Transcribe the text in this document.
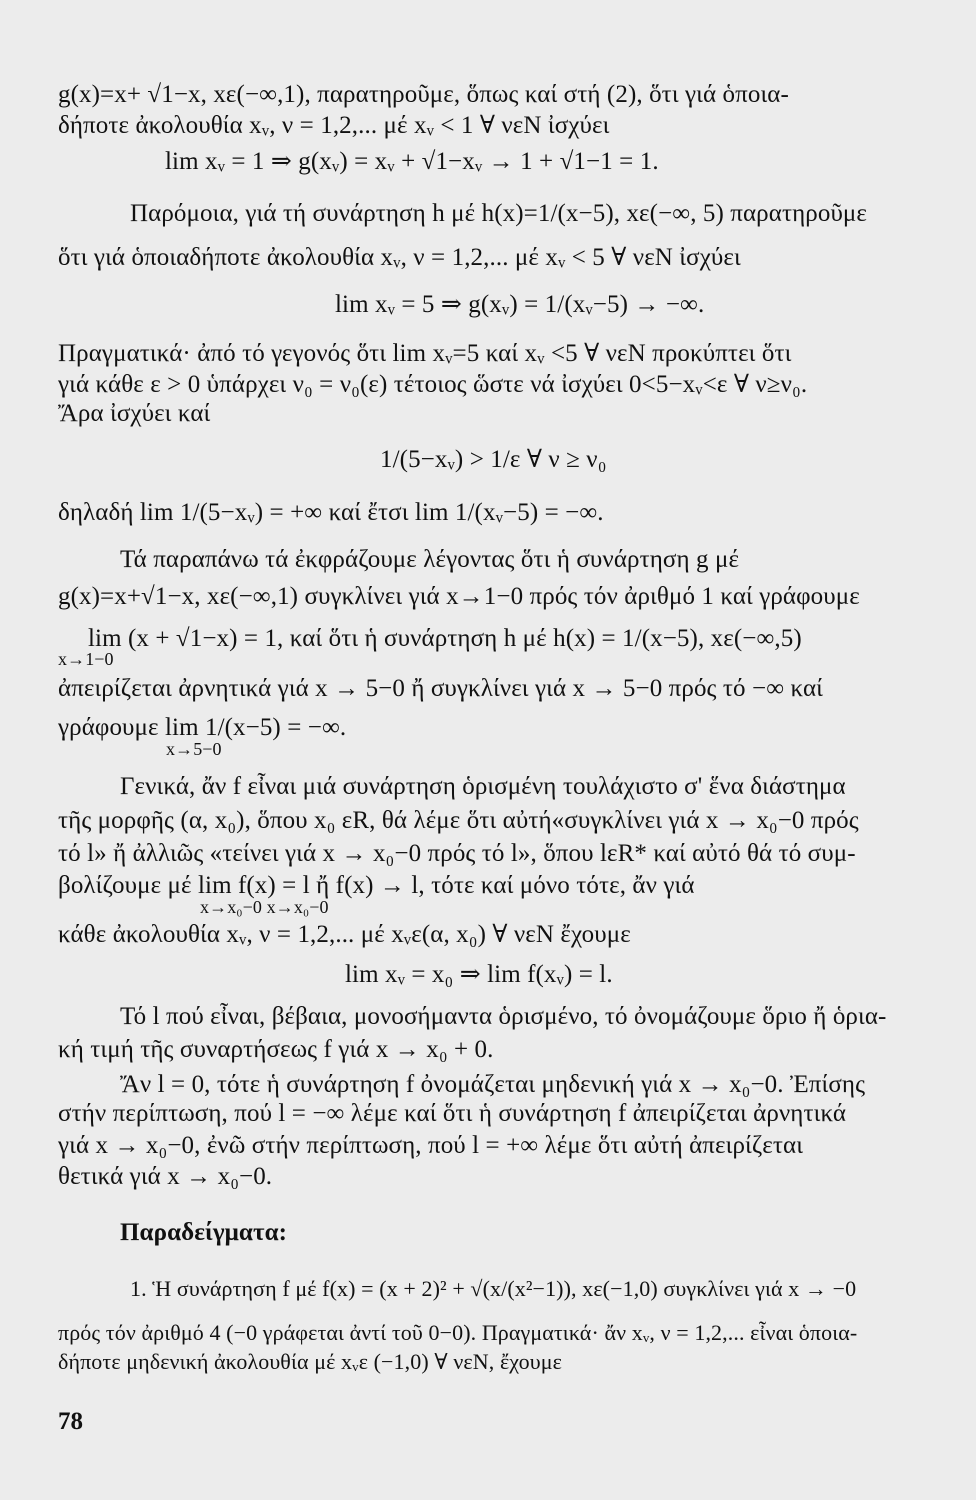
g(x)=x+ √1−x, xε(−∞,1), παρατηροῦμε, ὅπως καί στή (2), ὅτι γιά ὁποια-
δήποτε ἀκολουθία xᵥ, ν = 1,2,... μέ xᵥ < 1 ∀ νεN ἰσχύει
lim xᵥ = 1 ⇒ g(xᵥ) = xᵥ + √1−xᵥ → 1 + √1−1 = 1.
Παρόμοια, γιά τή συνάρτηση h μέ h(x)=1/(x−5), xε(−∞, 5) παρατηροῦμε
ὅτι γιά ὁποιαδήποτε ἀκολουθία xᵥ, ν = 1,2,... μέ xᵥ < 5 ∀ νεN ἰσχύει
lim xᵥ = 5 ⇒ g(xᵥ) = 1/(xᵥ−5) → −∞.
Πραγματικά· ἀπό τό γεγονός ὅτι lim xᵥ=5 καί xᵥ <5 ∀ νεN προκύπτει ὅτι
γιά κάθε ε > 0 ὑπάρχει ν₀ = ν₀(ε) τέτοιος ὥστε νά ἰσχύει 0<5−xᵥ<ε ∀ ν≥ν₀.
Ἄρα ἰσχύει καί
1/(5−xᵥ) > 1/ε ∀ ν ≥ ν₀
δηλαδή lim 1/(5−xᵥ) = +∞ καί ἔτσι lim 1/(xᵥ−5) = −∞.
Τά παραπάνω τά ἐκφράζουμε λέγοντας ὅτι ἡ συνάρτηση g μέ
g(x)=x+√1−x, xε(−∞,1) συγκλίνει γιά x→1−0 πρός τόν ἀριθμό 1 καί γράφουμε
lim (x + √1−x) = 1, καί ὅτι ἡ συνάρτηση h μέ h(x) = 1/(x−5), xε(−∞,5)
x→1−0
ἀπειρίζεται ἀρνητικά γιά x → 5−0 ἤ συγκλίνει γιά x → 5−0 πρός τό −∞ καί
γράφουμε lim 1/(x−5) = −∞.
x→5−0
Γενικά, ἄν f εἶναι μιά συνάρτηση ὁρισμένη τουλάχιστο σ' ἕνα διάστημα
τῆς μορφῆς (α, x₀), ὅπου x₀ εR, θά λέμε ὅτι αὐτή«συγκλίνει γιά x → x₀−0 πρός
τό l» ἤ ἀλλιῶς «τείνει γιά x → x₀−0 πρός τό l», ὅπου lεR* καί αὐτό θά τό συμ-
βολίζουμε μέ lim f(x) = l ἤ f(x) → l, τότε καί μόνο τότε, ἄν γιά
x→x₀−0 x→x₀−0
κάθε ἀκολουθία xᵥ, ν = 1,2,... μέ xᵥε(α, x₀) ∀ νεN ἔχουμε
lim xᵥ = x₀ ⇒ lim f(xᵥ) = l.
Τό l πού εἶναι, βέβαια, μονοσήμαντα ὁρισμένο, τό ὀνομάζουμε ὅριο ἤ ὁρια-
κή τιμή τῆς συναρτήσεως f γιά x → x₀ + 0.
Ἄν l = 0, τότε ἡ συνάρτηση f ὀνομάζεται μηδενική γιά x → x₀−0. Ἐπίσης
στήν περίπτωση, πού l = −∞ λέμε καί ὅτι ἡ συνάρτηση f ἀπειρίζεται ἀρνητικά
γιά x → x₀−0, ἐνῶ στήν περίπτωση, πού l = +∞ λέμε ὅτι αὐτή ἀπειρίζεται
θετικά γιά x → x₀−0.
Παραδείγματα:
1. Ἡ συνάρτηση f μέ f(x) = (x + 2)² + √(x/(x²−1)), xε(−1,0) συγκλίνει γιά x → −0
πρός τόν ἀριθμό 4 (−0 γράφεται ἀντί τοῦ 0−0). Πραγματικά· ἄν xᵥ, ν = 1,2,... εἶναι ὁποια-
δήποτε μηδενική ἀκολουθία μέ xᵥε (−1,0) ∀ νεN, ἔχουμε
78
